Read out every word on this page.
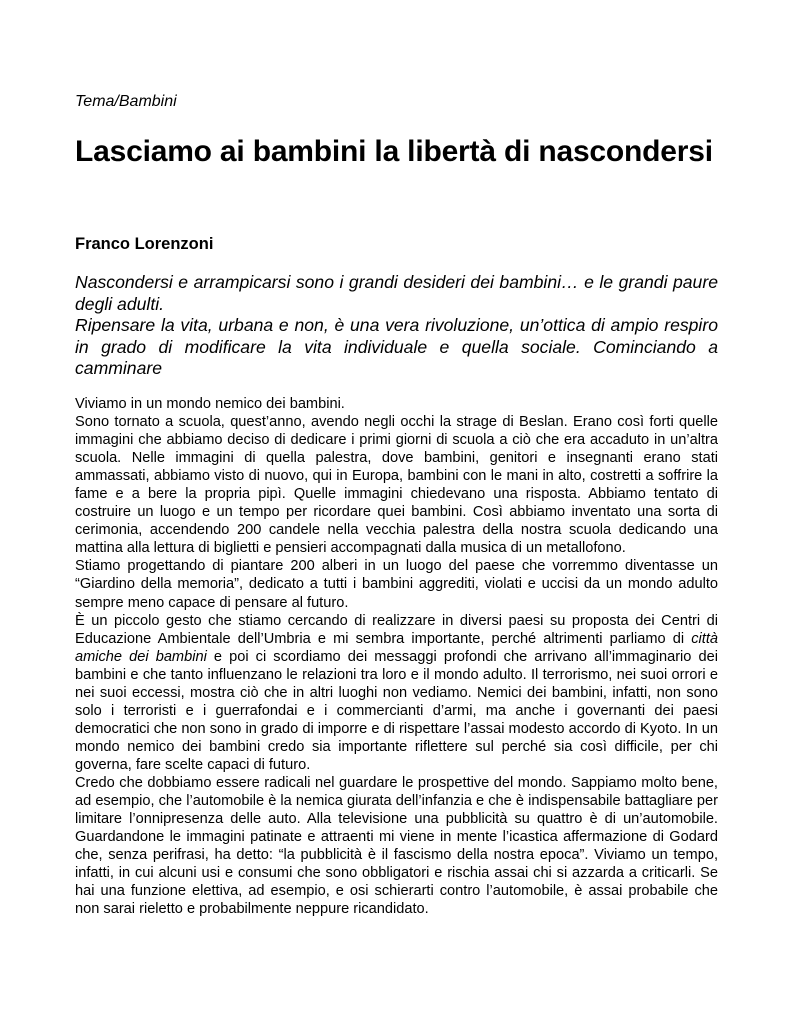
Tema/Bambini

Lasciamo ai bambini la libertà di nascondersi

Franco Lorenzoni

Nascondersi e arrampicarsi sono i grandi desideri dei bambini… e le grandi paure degli adulti.

Ripensare la vita, urbana e non, è una vera rivoluzione, un’ottica di ampio respiro in grado di modificare la vita individuale e quella sociale. Cominciando a camminare

Viviamo in un mondo nemico dei bambini.

Sono tornato a scuola, quest’anno, avendo negli occhi la strage di Beslan. Erano così forti quelle immagini che abbiamo deciso di dedicare i primi giorni di scuola a ciò che era accaduto in un’altra scuola. Nelle immagini di quella palestra, dove bambini, genitori e insegnanti erano stati ammassati, abbiamo visto di nuovo, qui in Europa, bambini con le mani in alto, costretti a soffrire la fame e a bere la propria pipì. Quelle immagini chiedevano una risposta. Abbiamo tentato di costruire un luogo e un tempo per ricordare quei bambini. Così abbiamo inventato una sorta di cerimonia, accendendo 200 candele nella vecchia palestra della nostra scuola dedicando una mattina alla lettura di biglietti e pensieri accompagnati dalla musica di un metallofono.

Stiamo progettando di piantare 200 alberi in un luogo del paese che vorremmo diventasse un “Giardino della memoria”, dedicato a tutti i bambini aggrediti, violati e uccisi da un mondo adulto sempre meno capace di pensare al futuro.

È un piccolo gesto che stiamo cercando di realizzare in diversi paesi su proposta dei Centri di Educazione Ambientale dell’Umbria e mi sembra importante, perché altrimenti parliamo di città amiche dei bambini e poi ci scordiamo dei messaggi profondi che arrivano all’immaginario dei bambini e che tanto influenzano le relazioni tra loro e il mondo adulto. Il terrorismo, nei suoi orrori e nei suoi eccessi, mostra ciò che in altri luoghi non vediamo. Nemici dei bambini, infatti, non sono solo i terroristi e i guerrafondai e i commercianti d’armi, ma anche i governanti dei paesi democratici che non sono in grado di imporre e di rispettare l’assai modesto accordo di Kyoto. In un mondo nemico dei bambini credo sia importante riflettere sul perché sia così difficile, per chi governa, fare scelte capaci di futuro.

Credo che dobbiamo essere radicali nel guardare le prospettive del mondo. Sappiamo molto bene, ad esempio, che l’automobile è la nemica giurata dell’infanzia e che è indispensabile battagliare per limitare l’onnipresenza delle auto. Alla televisione una pubblicità su quattro è di un’automobile. Guardandone le immagini patinate e attraenti mi viene in mente l’icastica affermazione di Godard che, senza perifrasi, ha detto: “la pubblicità è il fascismo della nostra epoca”. Viviamo un tempo, infatti, in cui alcuni usi e consumi che sono obbligatori e rischia assai chi si azzarda a criticarli. Se hai una funzione elettiva, ad esempio, e osi schierarti contro l’automobile, è assai probabile che non sarai rieletto e probabilmente neppure ricandidato.
